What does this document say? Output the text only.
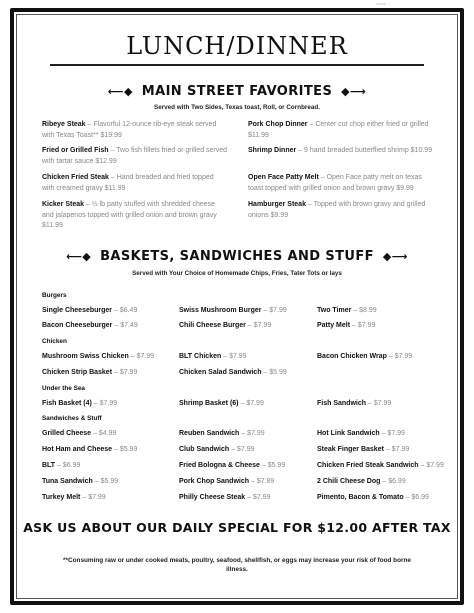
menu ......
LUNCH/DINNER
⟵◆ MAIN STREET FAVORITES ◆⟶
Served with Two Sides, Texas toast, Roll, or Cornbread.
Ribeye Steak – Flavorful 12-ounce rib-eye steak served with Texas Toast** $19.99
Fried or Grilled Fish – Two fish fillets fried or grilled served with tartar sauce $12.99
Chicken Fried Steak – Hand breaded and fried topped with creamed gravy $11.99
Kicker Steak – ½ lb patty stuffed with shredded cheese and jalapenos topped with grilled onion and brown gravy $11.99
Pork Chop Dinner – Center cut chop either fried or grilled $11.99
Shrimp Dinner – 9 hand breaded butterflied shrimp $10.99
Open Face Patty Melt – Open Face patty melt on texas toast topped with grilled onion and brown gravy $9.99
Hamburger Steak – Topped with brown gravy and grilled onions $9.99
⟵◆ BASKETS, SANDWICHES AND STUFF ◆⟶
Served with Your Choice of Homemade Chips, Fries, Tater Tots or lays
Burgers
Single Cheeseburger – $6.49	Swiss Mushroom Burger – $7.99	Two Timer – $8.99
Bacon Cheeseburger – $7.49	Chili Cheese Burger – $7.99	Patty Melt – $7.99
Chicken
Mushroom Swiss Chicken – $7.99	BLT Chicken – $7.99	Bacon Chicken Wrap – $7.99
Chicken Strip Basket – $7.99	Chicken Salad Sandwich – $5.99
Under the Sea
Fish Basket (4) – $7.99	Shrimp Basket (6) – $7.99	Fish Sandwich – $7.99
Sandwiches & Stuff
Grilled Cheese – $4.99	Reuben Sandwich – $7.99	Hot Link Sandwich – $7.99
Hot Ham and Cheese – $5.99	Club Sandwich – $7.99	Steak Finger Basket – $7.99
BLT – $6.99	Fried Bologna & Cheese – $5.99	Chicken Fried Steak Sandwich – $7.99
Tuna Sandwich – $5.99	Pork Chop Sandwich – $7.89	2 Chili Cheese Dog – $6.99
Turkey Melt – $7.99	Philly Cheese Steak – $7.99	Pimento, Bacon & Tomato – $6.99
ASK US ABOUT OUR DAILY SPECIAL FOR $12.00 AFTER TAX
**Consuming raw or under cooked meats, poultry, seafood, shellfish, or eggs may increase your risk of food borne illness.
